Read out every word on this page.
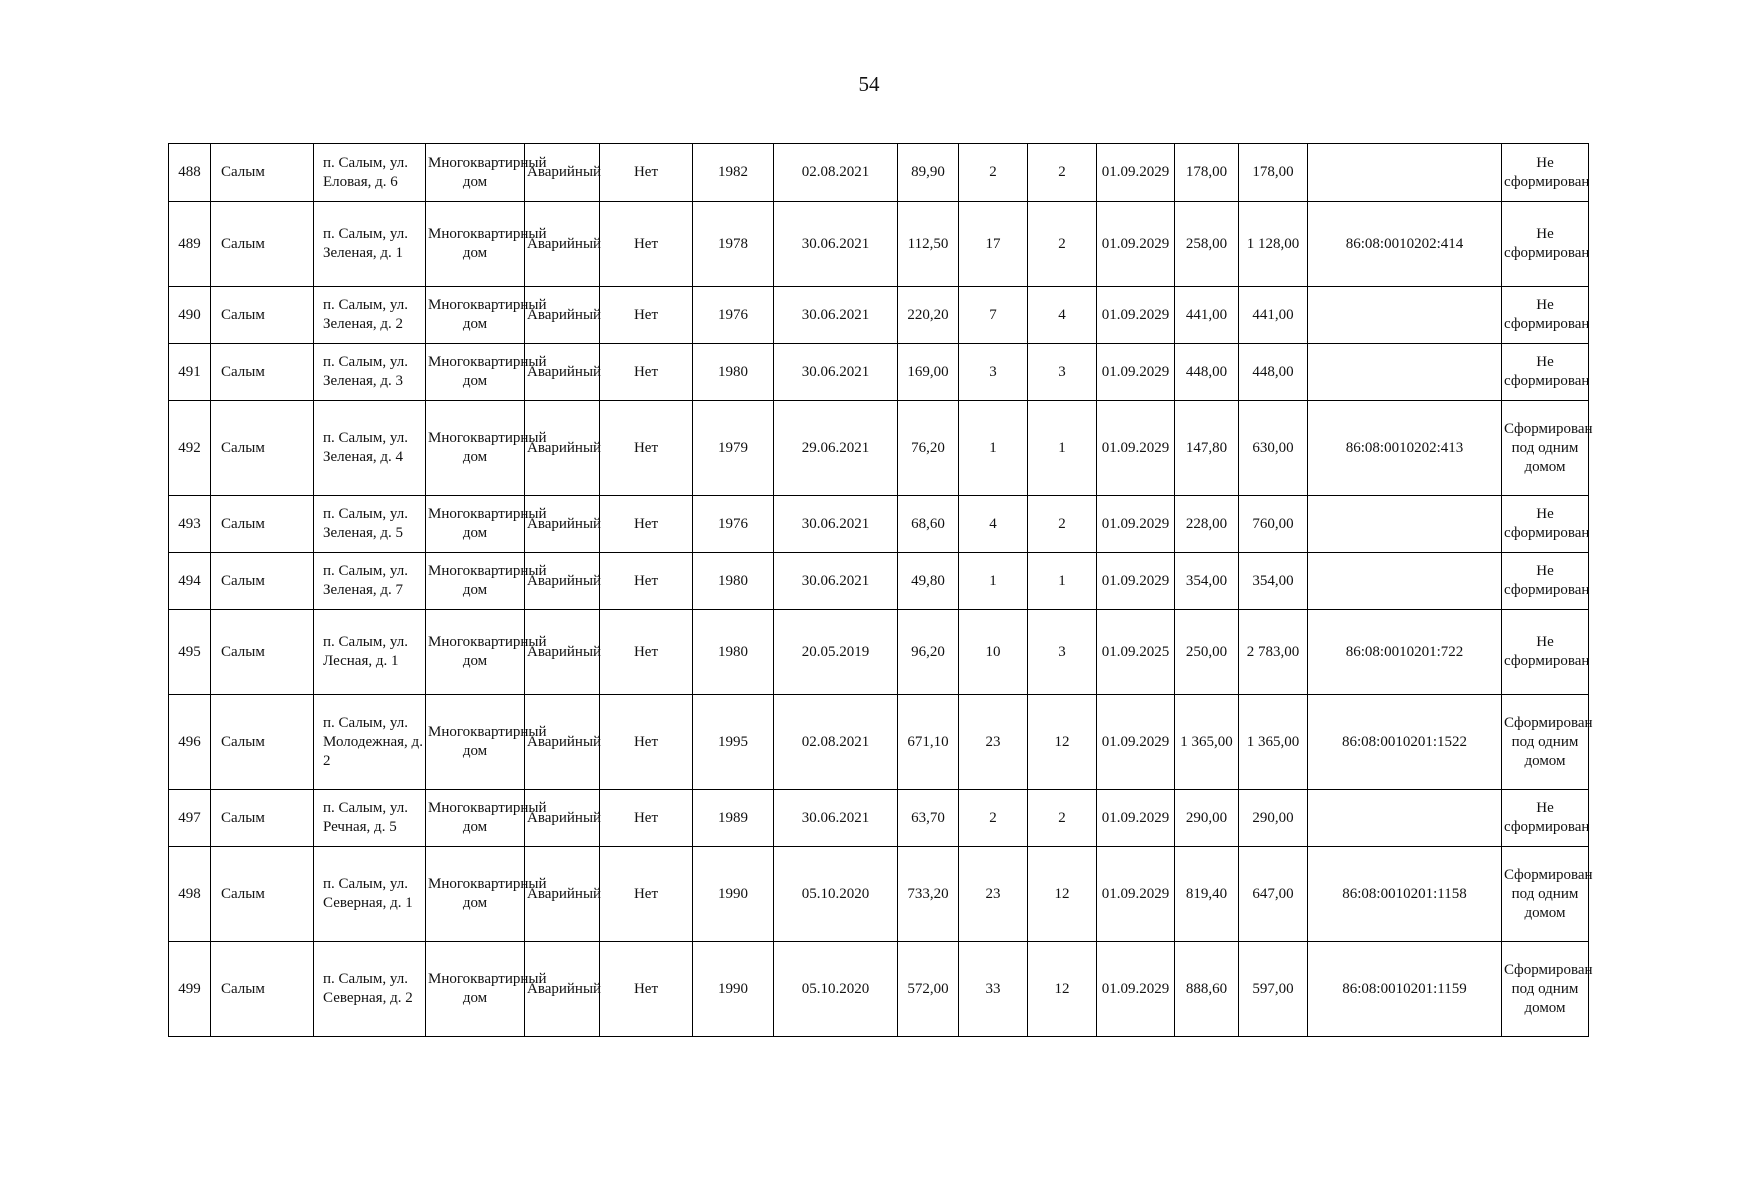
54
488	Салым	п. Салым, ул. Еловая, д. 6	Многоквартирный дом	Аварийный	Нет	1982	02.08.2021	89,90	2	2	01.09.2029	178,00	178,00		Не сформирован

489	Салым	п. Салым, ул. Зеленая, д. 1	Многоквартирный дом	Аварийный	Нет	1978	30.06.2021	112,50	17	2	01.09.2029	258,00	1 128,00	86:08:0010202:414	Не сформирован

490	Салым	п. Салым, ул. Зеленая, д. 2	Многоквартирный дом	Аварийный	Нет	1976	30.06.2021	220,20	7	4	01.09.2029	441,00	441,00		Не сформирован

491	Салым	п. Салым, ул. Зеленая, д. 3	Многоквартирный дом	Аварийный	Нет	1980	30.06.2021	169,00	3	3	01.09.2029	448,00	448,00		Не сформирован

492	Салым	п. Салым, ул. Зеленая, д. 4	Многоквартирный дом	Аварийный	Нет	1979	29.06.2021	76,20	1	1	01.09.2029	147,80	630,00	86:08:0010202:413	Сформирован под одним домом

493	Салым	п. Салым, ул. Зеленая, д. 5	Многоквартирный дом	Аварийный	Нет	1976	30.06.2021	68,60	4	2	01.09.2029	228,00	760,00		Не сформирован

494	Салым	п. Салым, ул. Зеленая, д. 7	Многоквартирный дом	Аварийный	Нет	1980	30.06.2021	49,80	1	1	01.09.2029	354,00	354,00		Не сформирован

495	Салым	п. Салым, ул. Лесная, д. 1	Многоквартирный дом	Аварийный	Нет	1980	20.05.2019	96,20	10	3	01.09.2025	250,00	2 783,00	86:08:0010201:722	Не сформирован

496	Салым	п. Салым, ул. Молодежная, д. 2	Многоквартирный дом	Аварийный	Нет	1995	02.08.2021	671,10	23	12	01.09.2029	1 365,00	1 365,00	86:08:0010201:1522	Сформирован под одним домом

497	Салым	п. Салым, ул. Речная, д. 5	Многоквартирный дом	Аварийный	Нет	1989	30.06.2021	63,70	2	2	01.09.2029	290,00	290,00		Не сформирован

498	Салым	п. Салым, ул. Северная, д. 1	Многоквартирный дом	Аварийный	Нет	1990	05.10.2020	733,20	23	12	01.09.2029	819,40	647,00	86:08:0010201:1158	Сформирован под одним домом

499	Салым	п. Салым, ул. Северная, д. 2	Многоквартирный дом	Аварийный	Нет	1990	05.10.2020	572,00	33	12	01.09.2029	888,60	597,00	86:08:0010201:1159	Сформирован под одним домом
